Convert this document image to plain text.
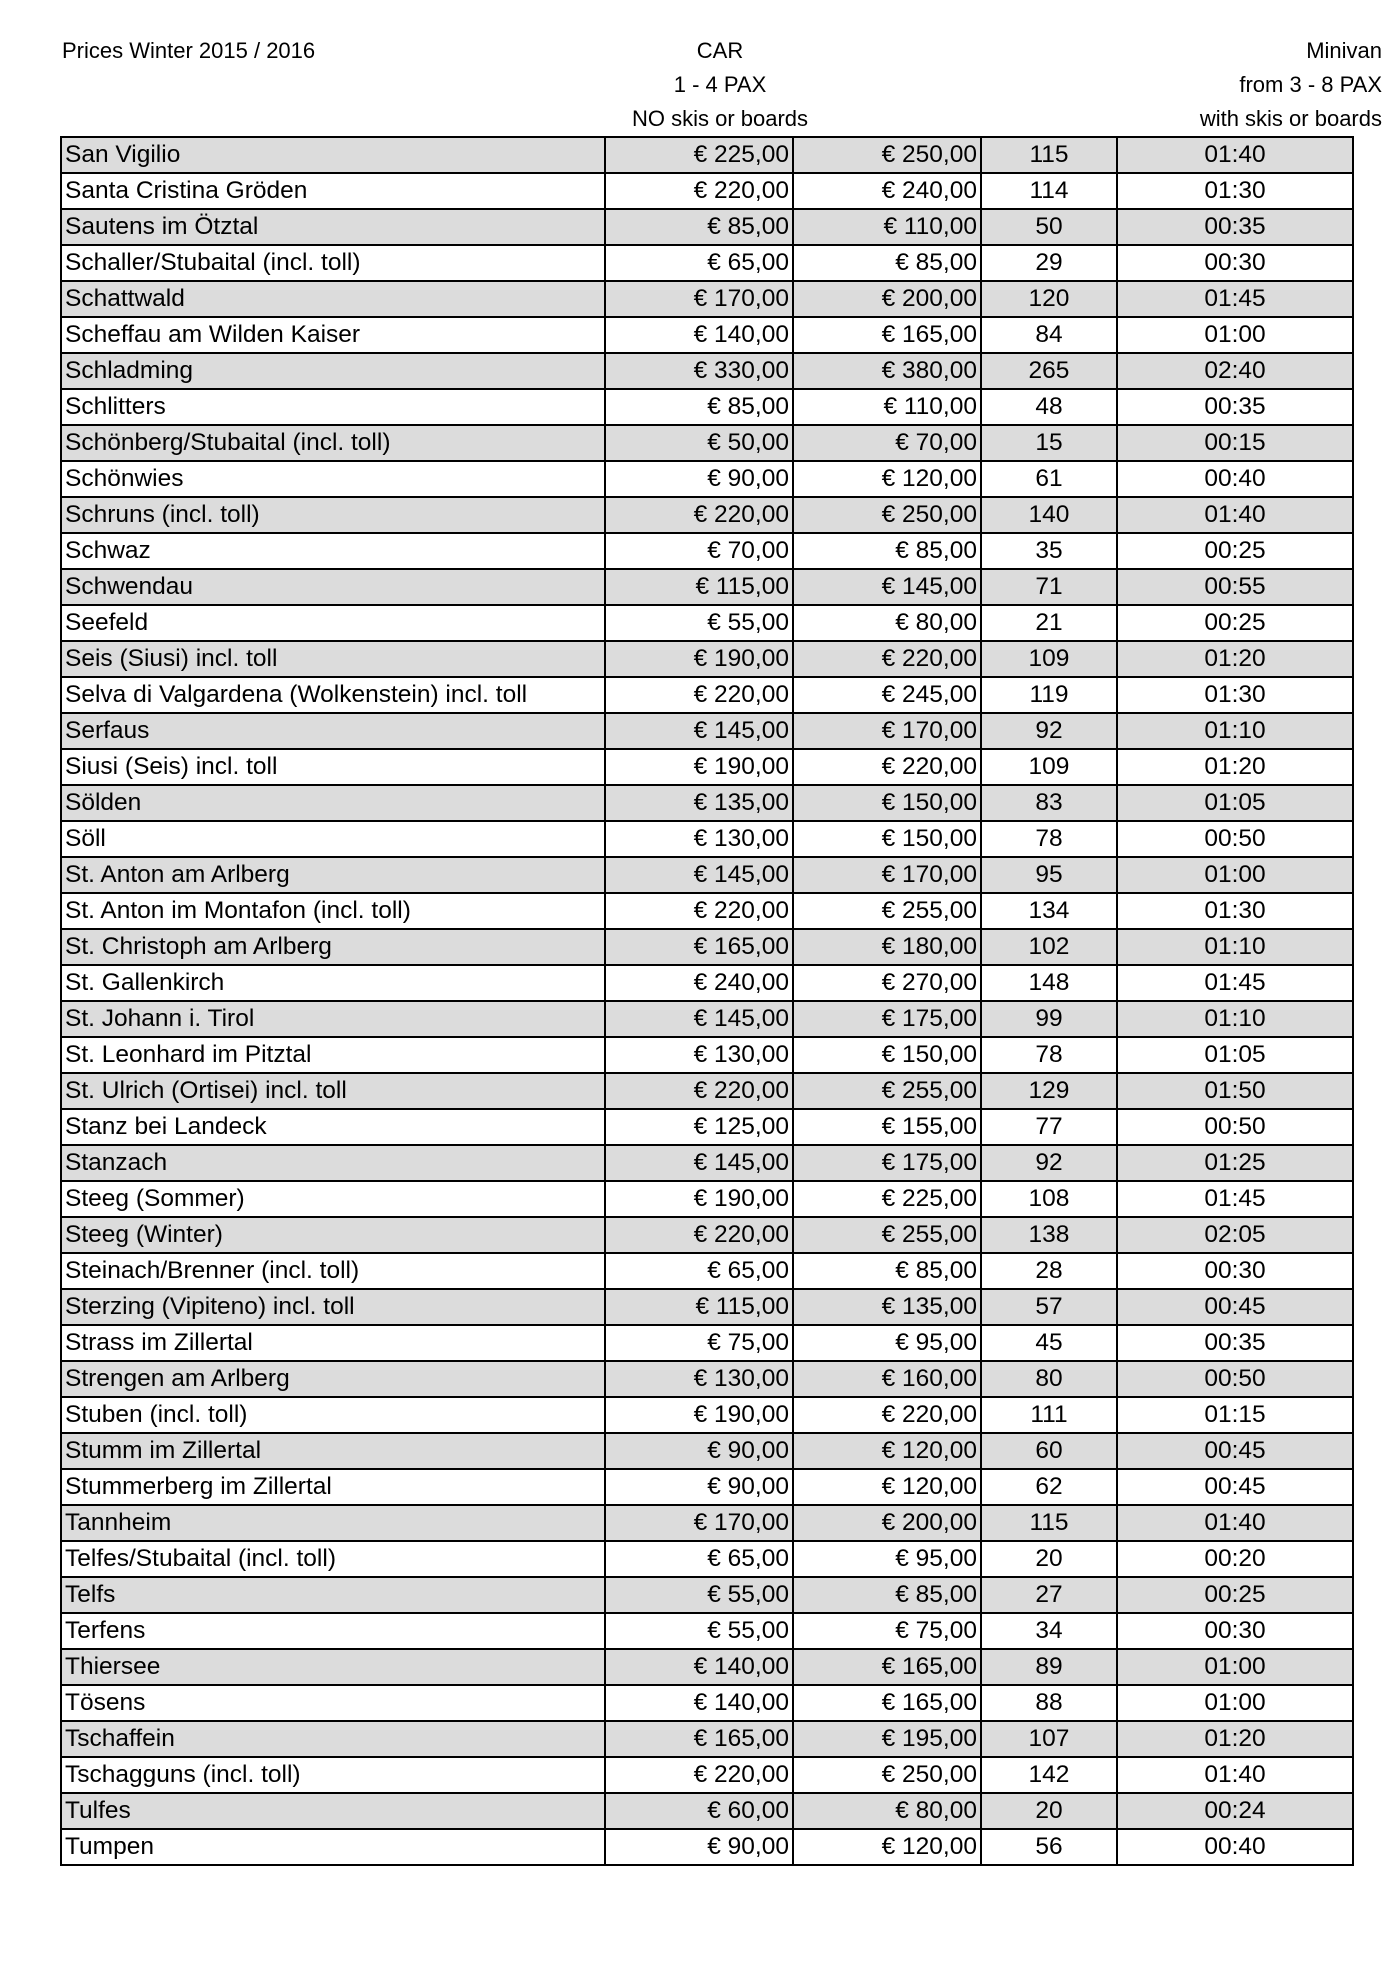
Prices Winter 2015 / 2016	CAR
1 - 4 PAX
NO skis or boards
Minivan
from 3 - 8 PAX
with skis or boards
San Vigilio	€ 225,00	€ 250,00	115	01:40
Santa Cristina Gröden	€ 220,00	€ 240,00	114	01:30
Sautens im Ötztal	€ 85,00	€ 110,00	50	00:35
Schaller/Stubaital (incl. toll)	€ 65,00	€ 85,00	29	00:30
Schattwald	€ 170,00	€ 200,00	120	01:45
Scheffau am Wilden Kaiser	€ 140,00	€ 165,00	84	01:00
Schladming	€ 330,00	€ 380,00	265	02:40
Schlitters	€ 85,00	€ 110,00	48	00:35
Schönberg/Stubaital (incl. toll)	€ 50,00	€ 70,00	15	00:15
Schönwies	€ 90,00	€ 120,00	61	00:40
Schruns (incl. toll)	€ 220,00	€ 250,00	140	01:40
Schwaz	€ 70,00	€ 85,00	35	00:25
Schwendau	€ 115,00	€ 145,00	71	00:55
Seefeld	€ 55,00	€ 80,00	21	00:25
Seis (Siusi) incl. toll	€ 190,00	€ 220,00	109	01:20
Selva di Valgardena (Wolkenstein) incl. toll	€ 220,00	€ 245,00	119	01:30
Serfaus	€ 145,00	€ 170,00	92	01:10
Siusi (Seis) incl. toll	€ 190,00	€ 220,00	109	01:20
Sölden	€ 135,00	€ 150,00	83	01:05
Söll	€ 130,00	€ 150,00	78	00:50
St. Anton am Arlberg	€ 145,00	€ 170,00	95	01:00
St. Anton im Montafon (incl. toll)	€ 220,00	€ 255,00	134	01:30
St. Christoph am Arlberg	€ 165,00	€ 180,00	102	01:10
St. Gallenkirch	€ 240,00	€ 270,00	148	01:45
St. Johann i. Tirol	€ 145,00	€ 175,00	99	01:10
St. Leonhard im Pitztal	€ 130,00	€ 150,00	78	01:05
St. Ulrich (Ortisei) incl. toll	€ 220,00	€ 255,00	129	01:50
Stanz bei Landeck	€ 125,00	€ 155,00	77	00:50
Stanzach	€ 145,00	€ 175,00	92	01:25
Steeg (Sommer)	€ 190,00	€ 225,00	108	01:45
Steeg (Winter)	€ 220,00	€ 255,00	138	02:05
Steinach/Brenner (incl. toll)	€ 65,00	€ 85,00	28	00:30
Sterzing (Vipiteno) incl. toll	€ 115,00	€ 135,00	57	00:45
Strass im Zillertal	€ 75,00	€ 95,00	45	00:35
Strengen am Arlberg	€ 130,00	€ 160,00	80	00:50
Stuben (incl. toll)	€ 190,00	€ 220,00	111	01:15
Stumm im Zillertal	€ 90,00	€ 120,00	60	00:45
Stummerberg im Zillertal	€ 90,00	€ 120,00	62	00:45
Tannheim	€ 170,00	€ 200,00	115	01:40
Telfes/Stubaital (incl. toll)	€ 65,00	€ 95,00	20	00:20
Telfs	€ 55,00	€ 85,00	27	00:25
Terfens	€ 55,00	€ 75,00	34	00:30
Thiersee	€ 140,00	€ 165,00	89	01:00
Tösens	€ 140,00	€ 165,00	88	01:00
Tschaffein	€ 165,00	€ 195,00	107	01:20
Tschagguns (incl. toll)	€ 220,00	€ 250,00	142	01:40
Tulfes	€ 60,00	€ 80,00	20	00:24
Tumpen	€ 90,00	€ 120,00	56	00:40
